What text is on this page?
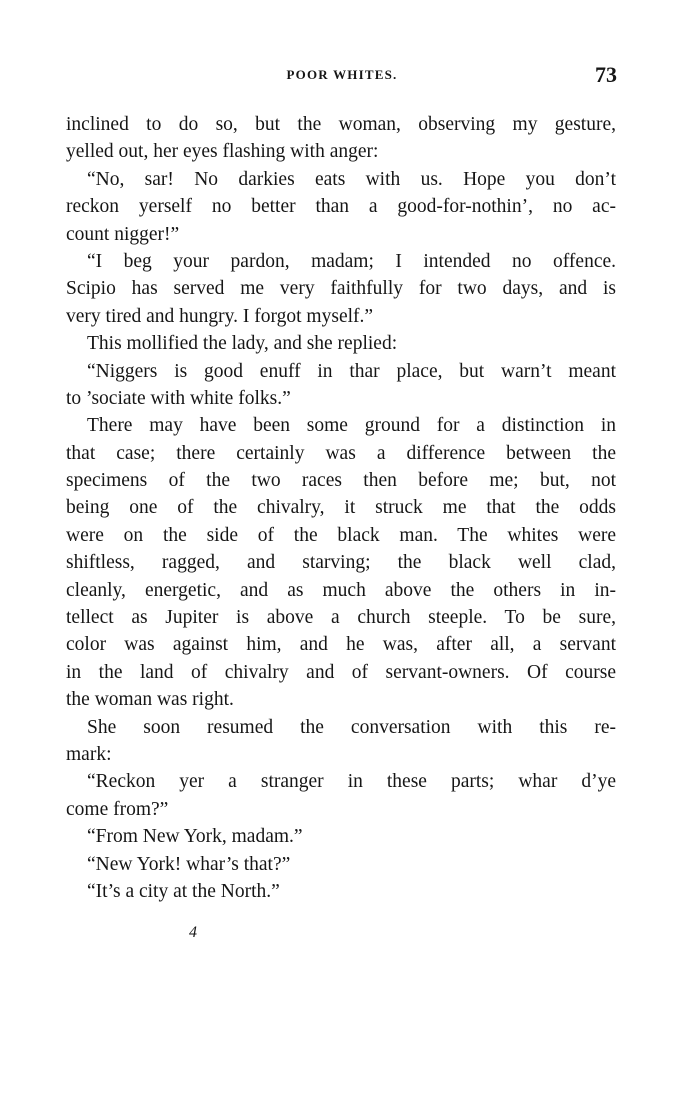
POOR WHITES.	73
inclined to do so, but the woman, observing my gesture,
yelled out, her eyes flashing with anger:
“No, sar! No darkies eats with us. Hope you don’t
reckon yerself no better than a good-for-nothin’, no ac-
count nigger!”
“I beg your pardon, madam; I intended no offence.
Scipio has served me very faithfully for two days, and is
very tired and hungry. I forgot myself.”
This mollified the lady, and she replied:
“Niggers is good enuff in thar place, but warn’t meant
to ’sociate with white folks.”
There may have been some ground for a distinction in
that case; there certainly was a difference between the
specimens of the two races then before me; but, not
being one of the chivalry, it struck me that the odds
were on the side of the black man. The whites were
shiftless, ragged, and starving; the black well clad,
cleanly, energetic, and as much above the others in in-
tellect as Jupiter is above a church steeple. To be sure,
color was against him, and he was, after all, a servant
in the land of chivalry and of servant-owners. Of course
the woman was right.
She soon resumed the conversation with this re-
mark:
“Reckon yer a stranger in these parts; whar d’ye
come from?”
“From New York, madam.”
“New York! whar’s that?”
“It’s a city at the North.”
4
